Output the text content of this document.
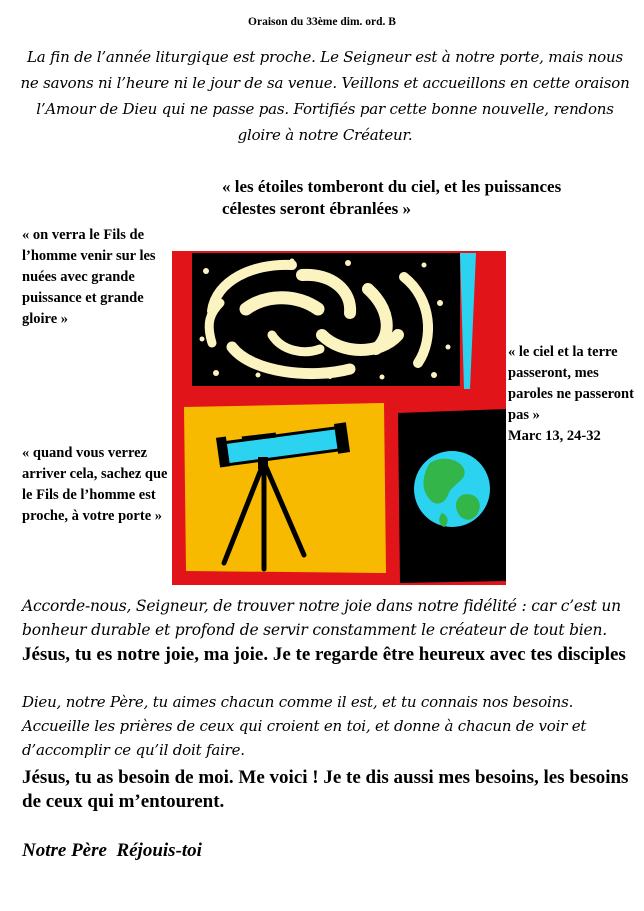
Oraison du 33ème dim. ord. B
La fin de l’année liturgique est proche. Le Seigneur est à notre porte, mais nous ne savons ni l’heure ni le jour de sa venue. Veillons et accueillons en cette oraison l’Amour de Dieu qui ne passe pas. Fortifiés par cette bonne nouvelle, rendons gloire à notre Créateur.
« les étoiles tomberont du ciel, et les puissances célestes seront ébranlées »
« on verra le Fils de l’homme venir sur les nuées avec grande puissance et grande gloire »
« quand vous verrez arriver cela, sachez que le Fils de l’homme est proche, à votre porte »
« le ciel et la terre passeront, mes paroles ne passeront pas »
Marc 13, 24-32
Accorde-nous, Seigneur, de trouver notre joie dans notre fidélité : car c’est un bonheur durable et profond de servir constamment le créateur de tout bien.
Jésus, tu es notre joie, ma joie. Je te regarde être heureux avec tes disciples
Dieu, notre Père, tu aimes chacun comme il est, et tu connais nos besoins. Accueille les prières de ceux qui croient en toi, et donne à chacun de voir et d’accomplir ce qu’il doit faire.
Jésus, tu as besoin de moi. Me voici ! Je te dis aussi mes besoins, les besoins de ceux qui m’entourent.
Notre Père  Réjouis-toi
